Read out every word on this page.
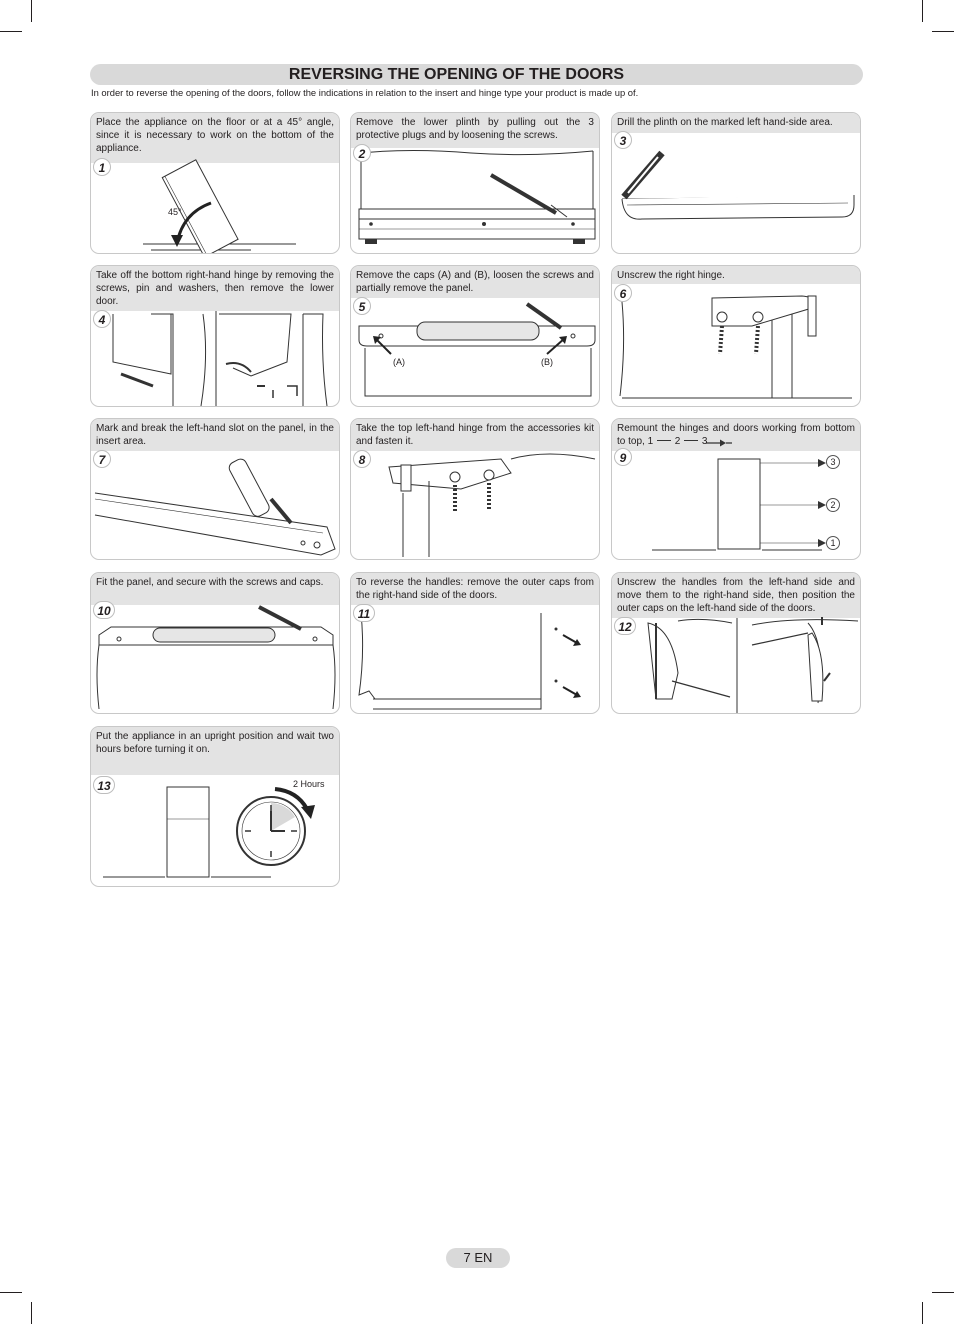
REVERSING THE OPENING OF THE DOORS

In order to reverse the opening of the doors, follow the indications in relation to the insert and hinge type your product is made up of.

Place the appliance on the floor or at a 45° angle, since it is necessary to work on the bottom of the appliance.

45°
1

Remove the lower plinth by pulling out the 3 protective plugs and by loosening the screws.

2

Drill the plinth on the marked left hand-side area.

3

Take off the bottom right-hand hinge by removing the screws, pin and washers, then remove the lower door.

4

Remove the caps (A) and (B), loosen the screws and partially remove the panel.

(A)	(B)
5

Unscrew the right hinge.

6

Mark and break the left-hand slot on the panel, in the insert area.

7

Take the top left-hand hinge from the accessories kit and fasten it.

8

Remount the hinges and doors working from bottom to top, 1 2 3

3
2
1
9

Fit the panel, and secure with the screws and caps.

10

To reverse the handles: remove the outer caps from the right-hand side of the doors.

11

Unscrew the handles from the left-hand side and move them to the right-hand side, then position the outer caps on the left-hand side of the doors.

12

Put the appliance in an upright position and wait two hours before turning it on.

2 Hours
13
7 EN
